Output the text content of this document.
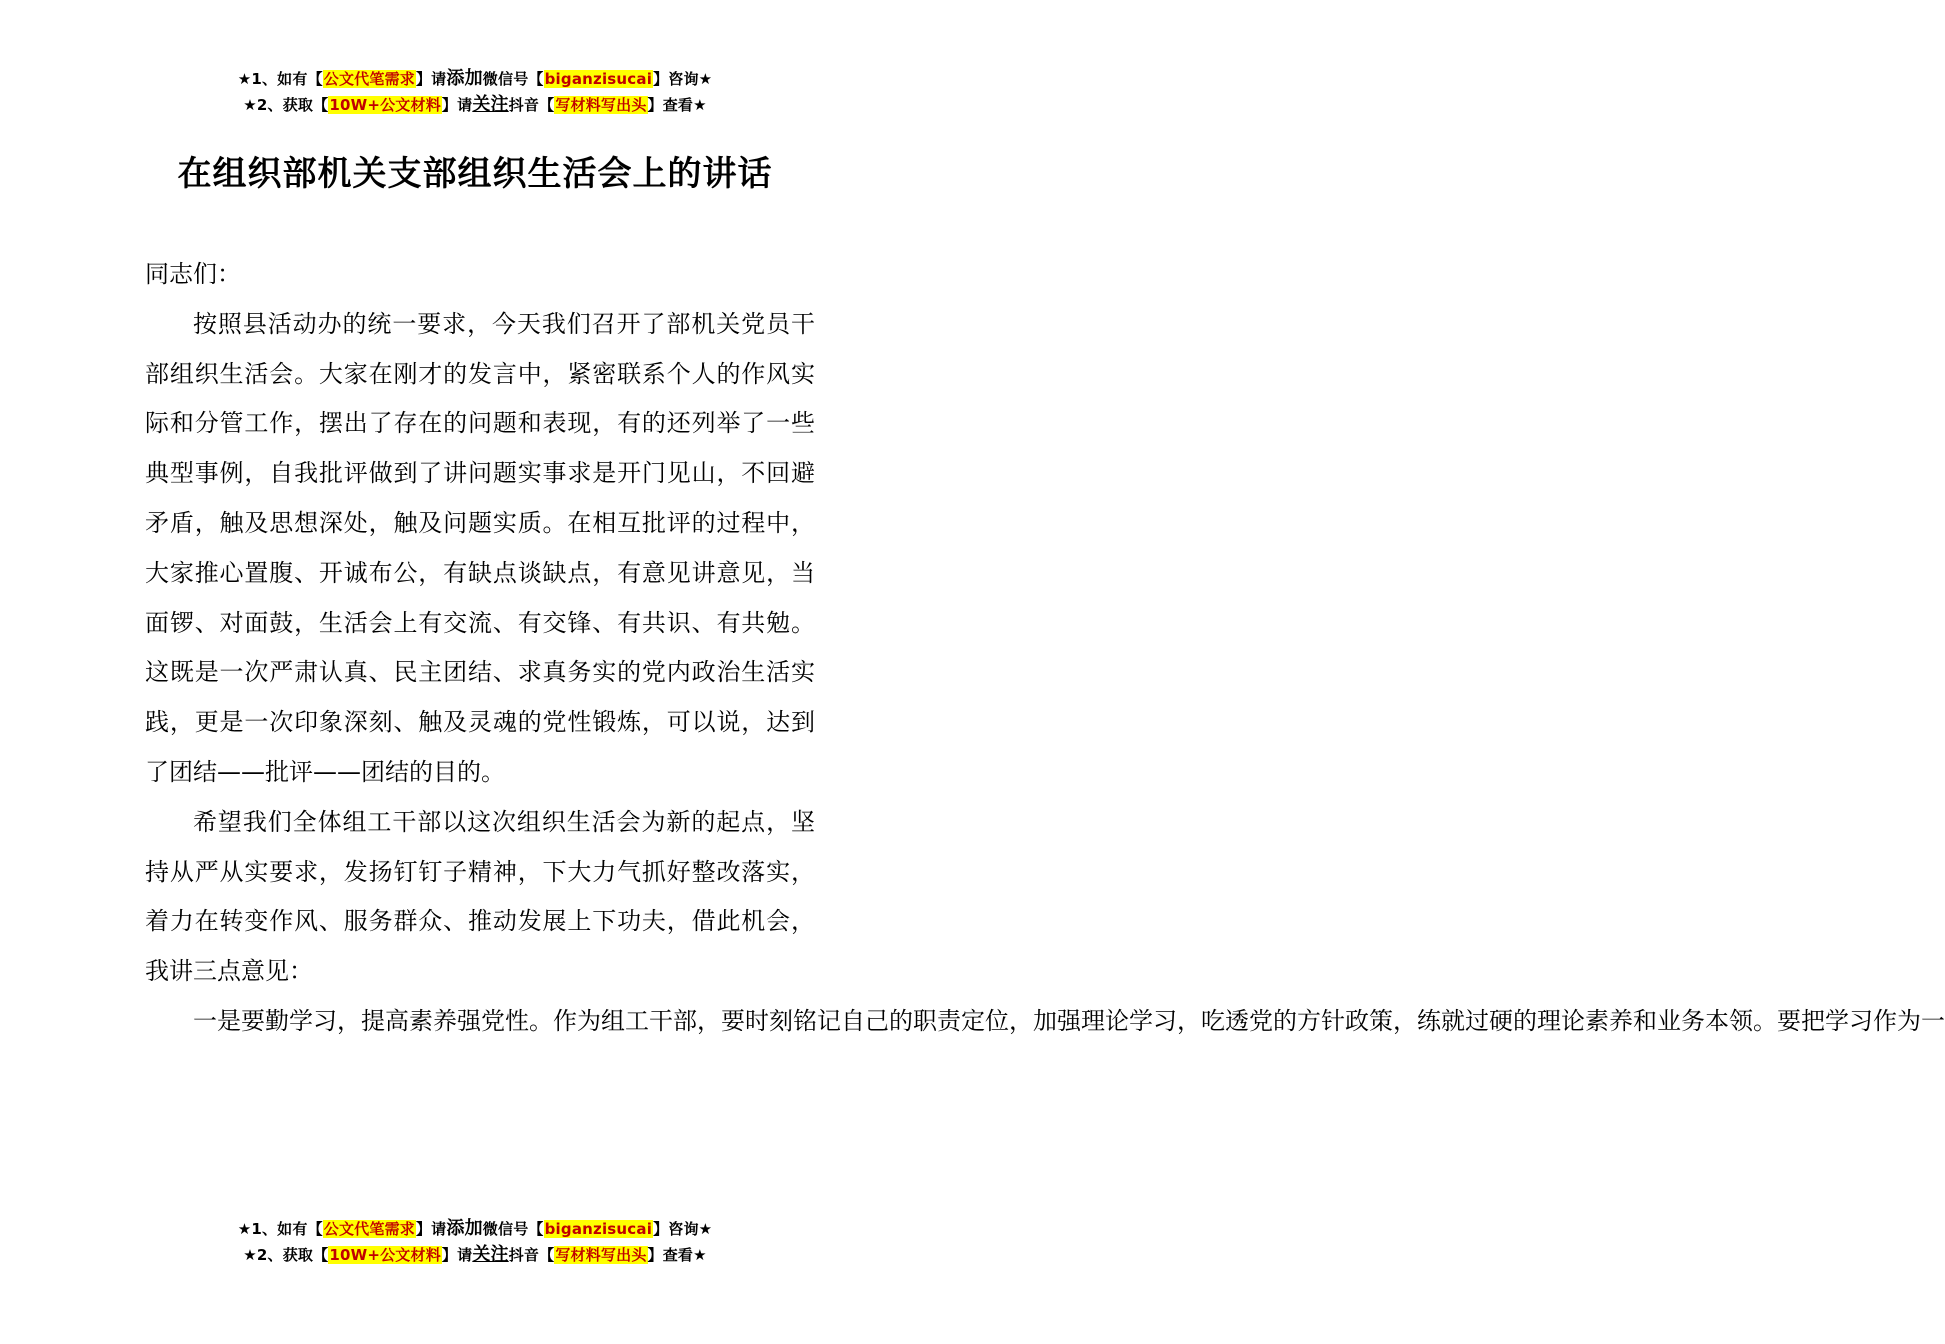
★1、如有【公文代笔需求】请添加微信号【biganzisucai】咨询★
★2、获取【10W+公文材料】请关注抖音【写材料写出头】查看★
在组织部机关支部组织生活会上的讲话

同志们：

按照县活动办的统一要求，今天我们召开了部机关党员干部组织生活会。大家在刚才的发言中，紧密联系个人的作风实际和分管工作，摆出了存在的问题和表现，有的还列举了一些典型事例，自我批评做到了讲问题实事求是开门见山，不回避矛盾，触及思想深处，触及问题实质。在相互批评的过程中，大家推心置腹、开诚布公，有缺点谈缺点，有意见讲意见，当面锣、对面鼓，生活会上有交流、有交锋、有共识、有共勉。这既是一次严肃认真、民主团结、求真务实的党内政治生活实践，更是一次印象深刻、触及灵魂的党性锻炼，可以说，达到了团结——批评——团结的目的。

希望我们全体组工干部以这次组织生活会为新的起点，坚持从严从实要求，发扬钉钉子精神，下大力气抓好整改落实，着力在转变作风、服务群众、推动发展上下功夫，借此机会，我讲三点意见：

一是要勤学习，提高素养强党性。作为组工干部，要时刻铭记自己的职责定位，加强理论学习，吃透党的方针政策，练就过硬的理论素养和业务本领。要把学习作为一

★1、如有【公文代笔需求】请添加微信号【biganzisucai】咨询★
★2、获取【10W+公文材料】请关注抖音【写材料写出头】查看★
